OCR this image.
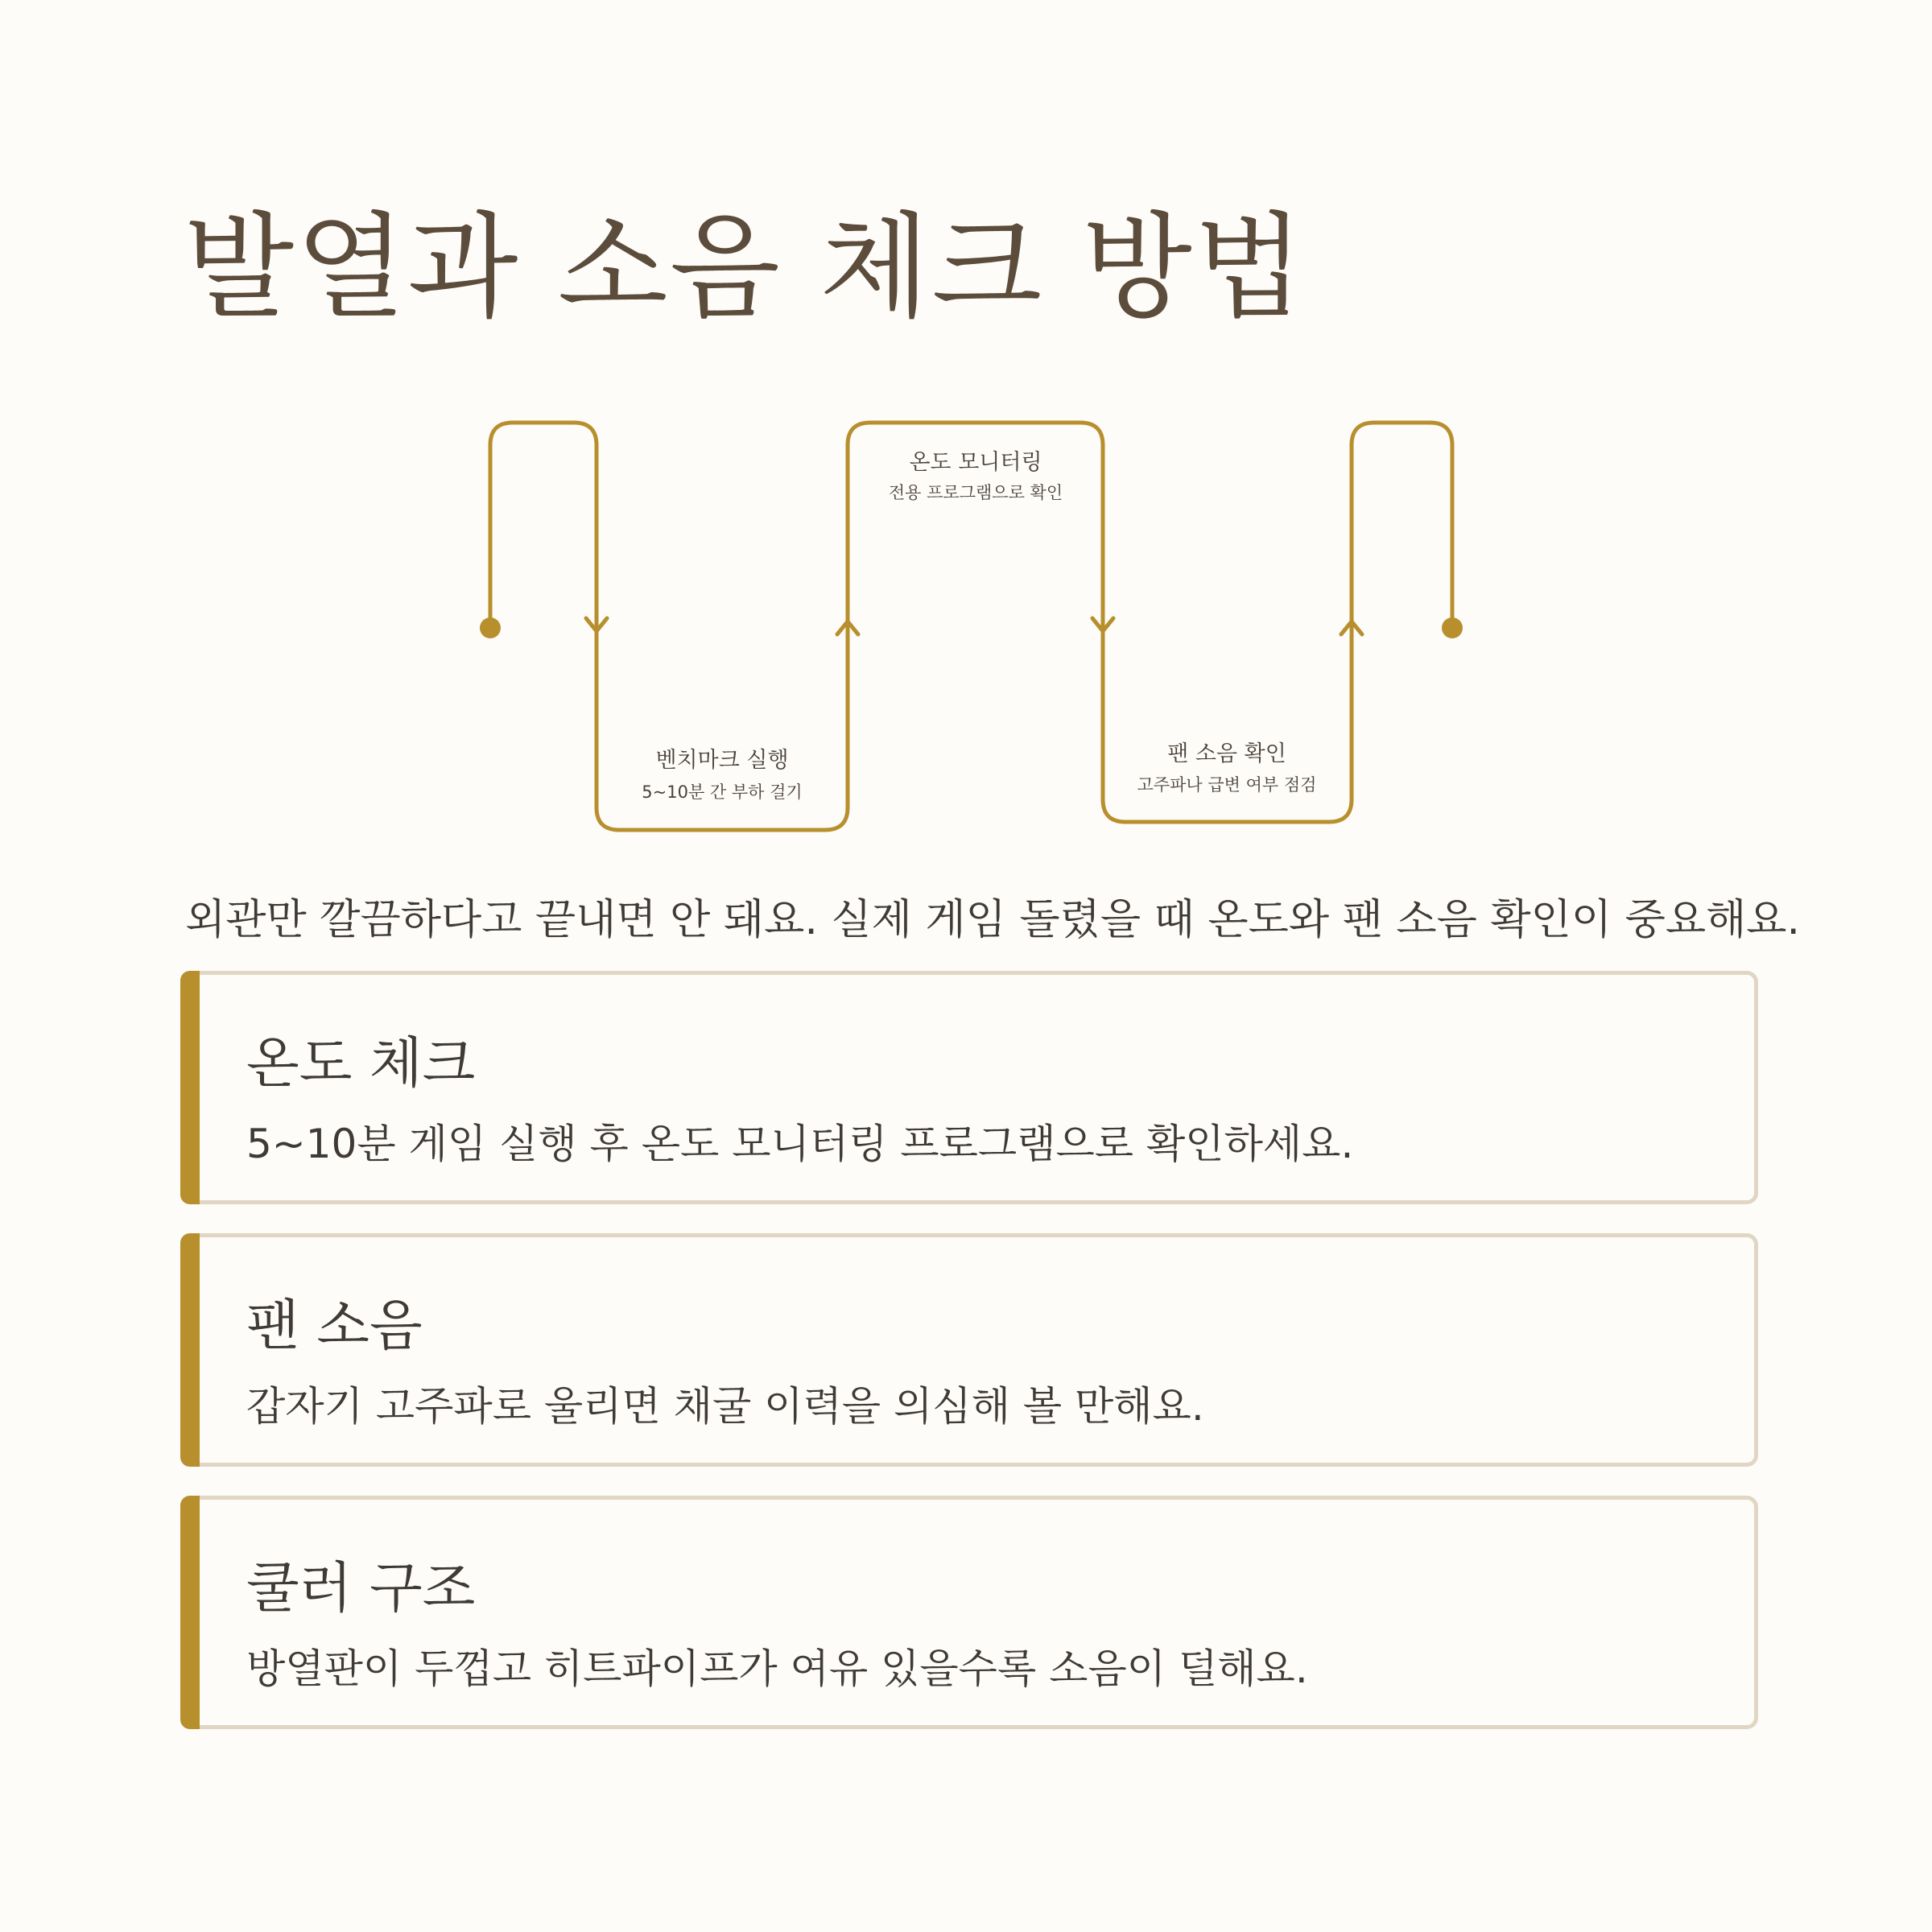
발열과 소음 체크 방법
벤치마크 실행
5~10분 간 부하 걸기
온도 모니터링
전용 프로그램으로 확인
팬 소음 확인
고주파나 급변 여부 점검
외관만 깔끔하다고 끝내면 안 돼요. 실제 게임 돌렸을 때 온도와 팬 소음 확인이 중요해요.
온도 체크
5~10분 게임 실행 후 온도 모니터링 프로그램으로 확인하세요.
팬 소음
갑자기 고주파로 울리면 채굴 이력을 의심해 볼 만해요.
쿨러 구조
방열판이 두껍고 히트파이프가 여유 있을수록 소음이 덜해요.
